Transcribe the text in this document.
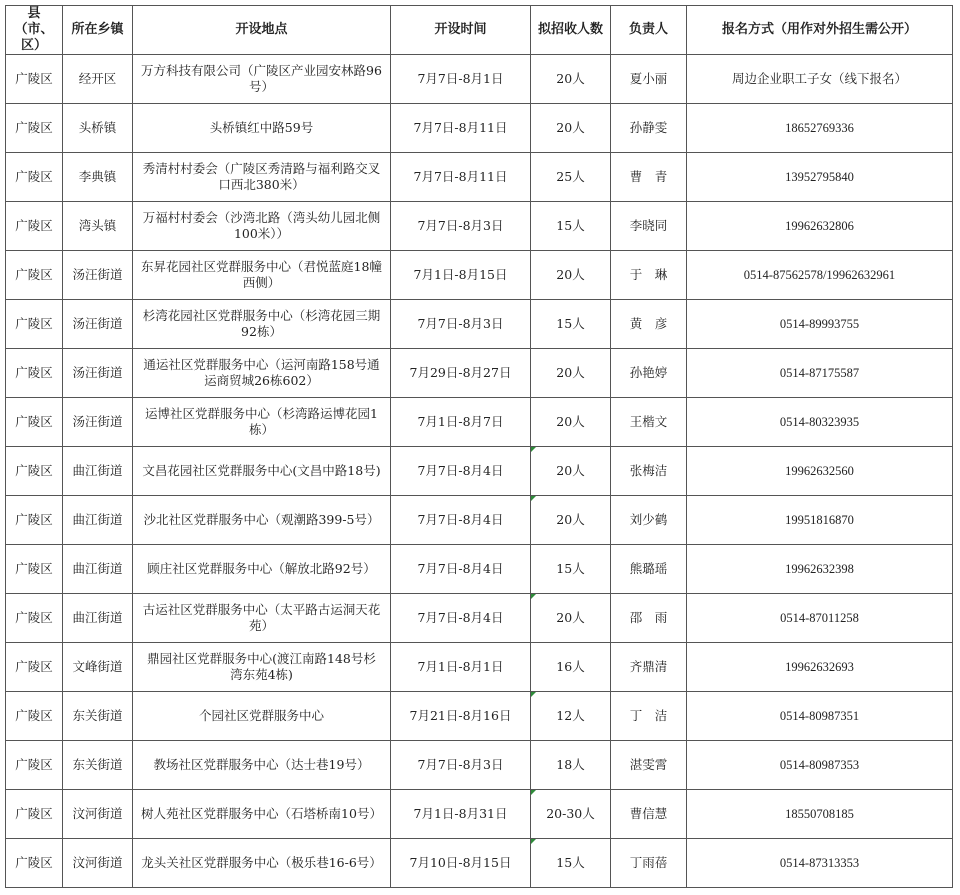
县（市、区）	所在乡镇	开设地点	开设时间	拟招收人数	负责人	报名方式（用作对外招生需公开）
广陵区	经开区	万方科技有限公司（广陵区产业园安林路96号）	7月7日-8月1日	20人	夏小丽	周边企业职工子女（线下报名）
广陵区	头桥镇	头桥镇红中路59号	7月7日-8月11日	20人	孙静雯	18652769336
广陵区	李典镇	秀清村村委会（广陵区秀清路与福利路交叉口西北380米）	7月7日-8月11日	25人	曹　青	13952795840
广陵区	湾头镇	万福村村委会（沙湾北路（湾头幼儿园北侧100米））	7月7日-8月3日	15人	李晓同	19962632806
广陵区	汤汪街道	东昇花园社区党群服务中心（君悦蓝庭18幢西侧）	7月1日-8月15日	20人	于　琳	0514-87562578/19962632961
广陵区	汤汪街道	杉湾花园社区党群服务中心（杉湾花园三期92栋）	7月7日-8月3日	15人	黄　彦	0514-89993755
广陵区	汤汪街道	通运社区党群服务中心（运河南路158号通运商贸城26栋602）	7月29日-8月27日	20人	孙艳婷	0514-87175587
广陵区	汤汪街道	运博社区党群服务中心（杉湾路运博花园1栋）	7月1日-8月7日	20人	王楷文	0514-80323935
广陵区	曲江街道	文昌花园社区党群服务中心(文昌中路18号)	7月7日-8月4日	20人	张梅洁	19962632560
广陵区	曲江街道	沙北社区党群服务中心（观潮路399-5号）	7月7日-8月4日	20人	刘少鹤	19951816870
广陵区	曲江街道	顾庄社区党群服务中心（解放北路92号）	7月7日-8月4日	15人	熊璐瑶	19962632398
广陵区	曲江街道	古运社区党群服务中心（太平路古运洞天花苑）	7月7日-8月4日	20人	邵　雨	0514-87011258
广陵区	文峰街道	鼎园社区党群服务中心(渡江南路148号杉湾东苑4栋)	7月1日-8月1日	16人	齐鼎清	19962632693
广陵区	东关街道	个园社区党群服务中心	7月21日-8月16日	12人	丁　洁	0514-80987351
广陵区	东关街道	教场社区党群服务中心（达士巷19号）	7月7日-8月3日	18人	湛雯霄	0514-80987353
广陵区	汶河街道	树人苑社区党群服务中心（石塔桥南10号）	7月1日-8月31日	20-30人	曹信慧	18550708185
广陵区	汶河街道	龙头关社区党群服务中心（极乐巷16-6号）	7月10日-8月15日	15人	丁雨蓓	0514-87313353
